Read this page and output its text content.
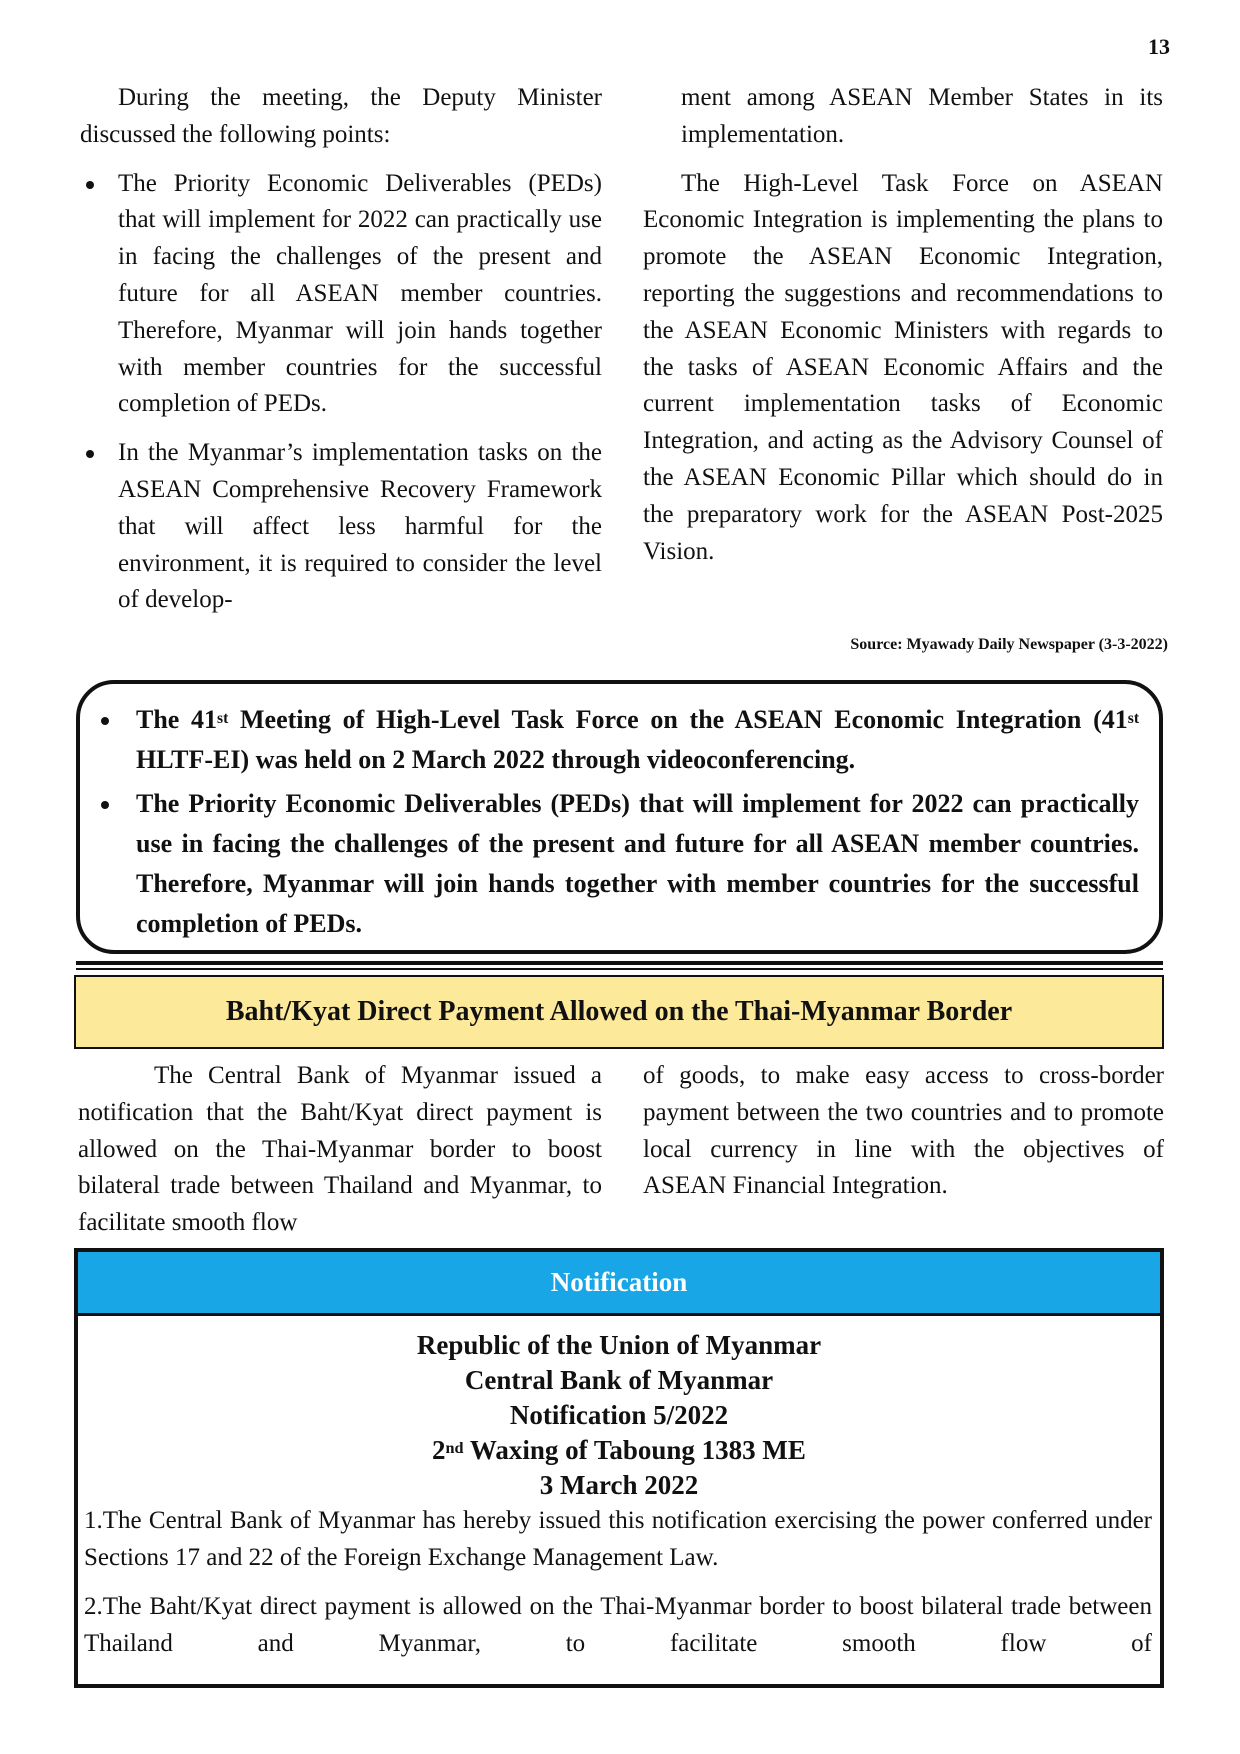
13

During the meeting, the Deputy Minister discussed the following points:

The Priority Economic Deliverables (PEDs) that will implement for 2022 can practically use in facing the challenges of the present and future for all ASEAN member countries. Therefore, Myanmar will join hands together with member countries for the successful completion of PEDs.
In the Myanmar’s implementation tasks on the ASEAN Comprehensive Recovery Framework that will affect less harmful for the environment, it is required to consider the level of develop-

ment among ASEAN Member States in its implementation.

The High-Level Task Force on ASEAN Economic Integration is implementing the plans to promote the ASEAN Economic Integration, reporting the suggestions and recommendations to the ASEAN Economic Ministers with regards to the tasks of ASEAN Economic Affairs and the current implementation tasks of Economic Integration, and acting as the Advisory Counsel of the ASEAN Economic Pillar which should do in the preparatory work for the ASEAN Post-2025 Vision.

Source: Myawady Daily Newspaper (3-3-2022)
The 41st Meeting of High-Level Task Force on the ASEAN Economic Integration (41st HLTF-EI) was held on 2 March 2022 through videoconferencing.
The Priority Economic Deliverables (PEDs) that will implement for 2022 can practically use in facing the challenges of the present and future for all ASEAN member countries. Therefore, Myanmar will join hands together with member countries for the successful completion of PEDs.
Baht/Kyat Direct Payment Allowed on the Thai-Myanmar Border

The Central Bank of Myanmar issued a notification that the Baht/Kyat direct payment is allowed on the Thai-Myanmar border to boost bilateral trade between Thailand and Myanmar, to facilitate smooth flow

of goods, to make easy access to cross-border payment between the two countries and to promote local currency in line with the objectives of ASEAN Financial Integration.

Notification
Republic of the Union of Myanmar
Central Bank of Myanmar
Notification 5/2022
2nd Waxing of Taboung 1383 ME
3 March 2022

1.The Central Bank of Myanmar has hereby issued this notification exercising the power conferred under Sections 17 and 22 of the Foreign Exchange Management Law.

2.The Baht/Kyat direct payment is allowed on the Thai-Myanmar border to boost bilateral trade between Thailand and Myanmar, to facilitate smooth flow of
